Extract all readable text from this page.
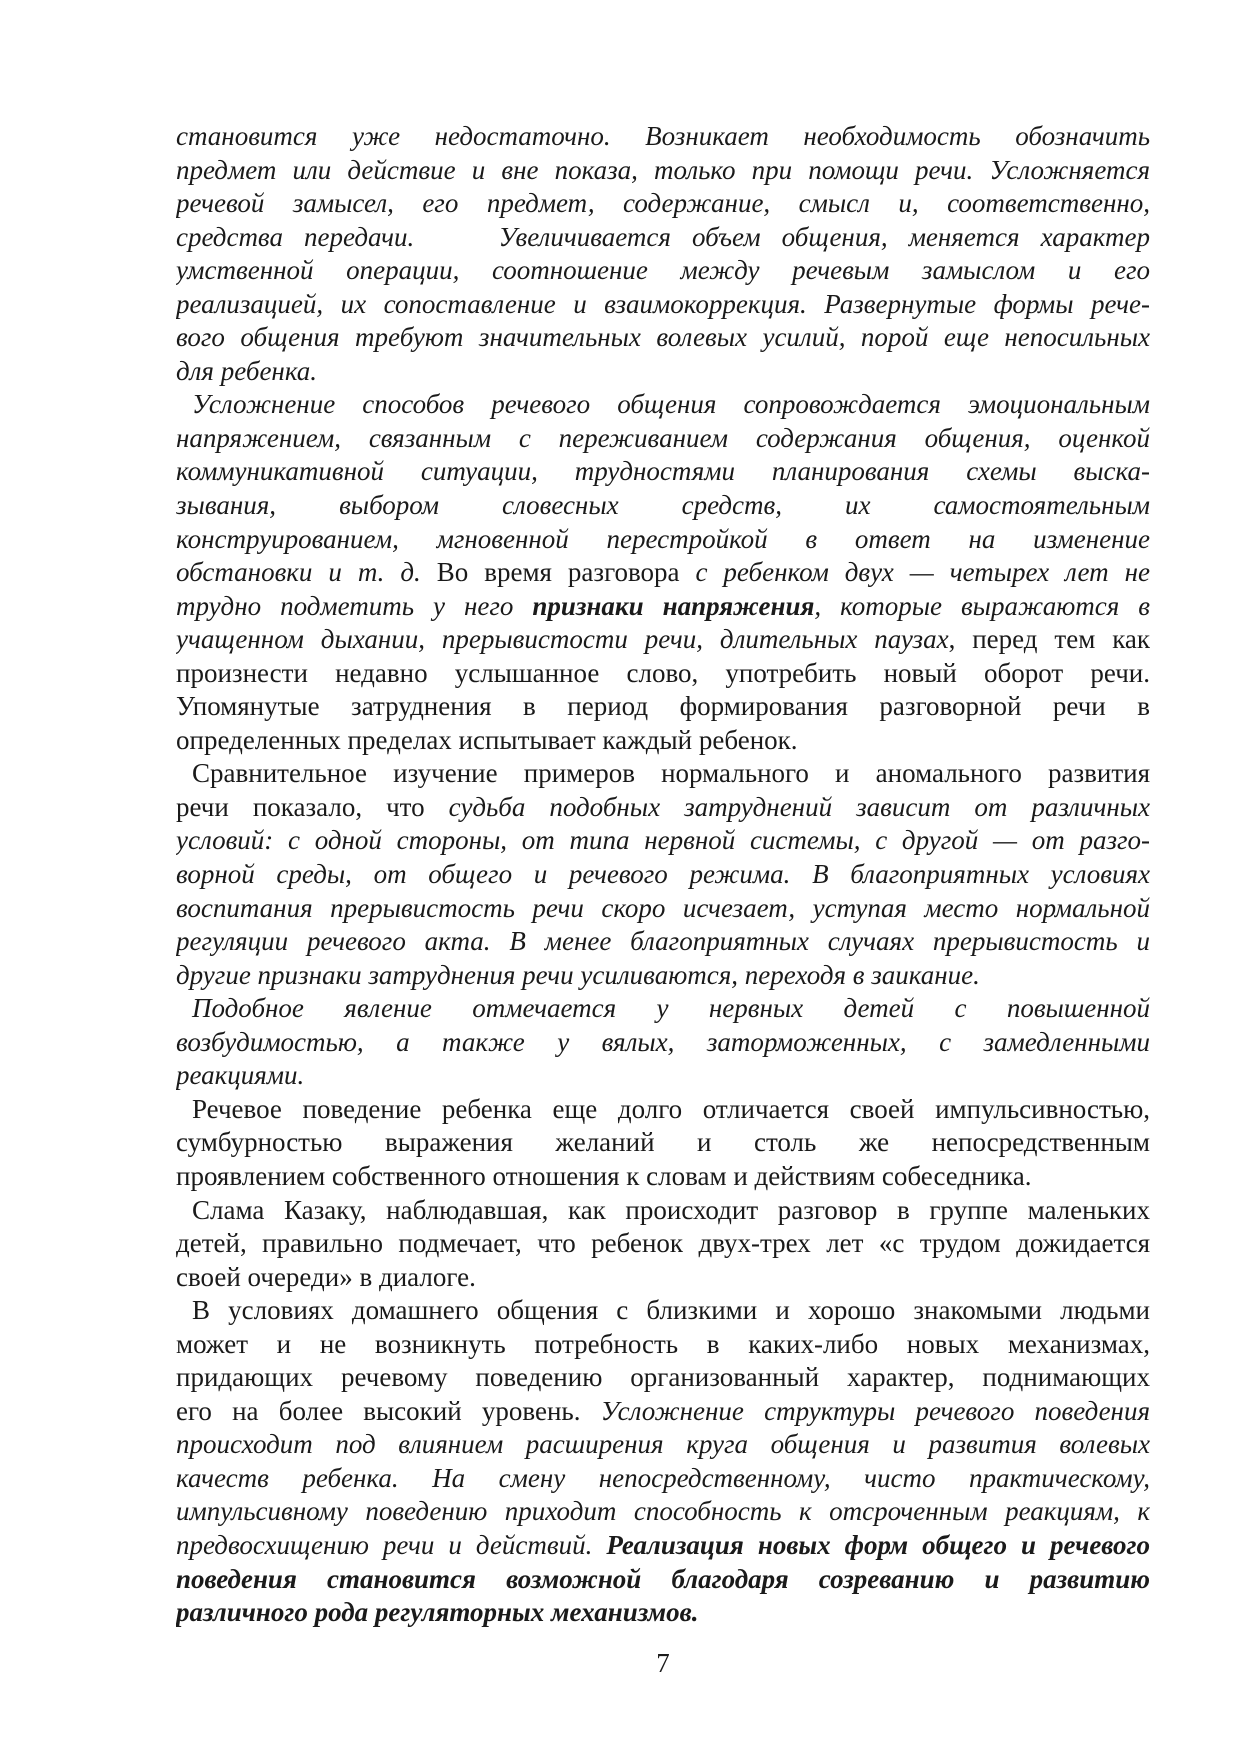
становится уже недостаточно. Возникает необходимость обозначить
предмет или действие и вне показа, только при помощи речи. Усложняется
речевой замысел, его предмет, содержание, смысл и, соответственно,
средства передачи.    Увеличивается объем общения, меняется характер
умственной операции, соотношение между речевым замыслом и его
реализацией, их сопоставление и взаимокоррекция. Развернутые формы рече-
вого общения требуют значительных волевых усилий, порой еще непосильных
для ребенка.
Усложнение способов речевого общения сопровождается эмоциональным
напряжением, связанным с переживанием содержания общения, оценкой
коммуникативной ситуации, трудностями планирования схемы выска-
зывания, выбором словесных средств, их самостоятельным
конструированием, мгновенной перестройкой в ответ на изменение
обстановки и т. д. Во время разговора с ребенком двух — четырех лет не
трудно подметить у него признаки напряжения, которые выражаются в
учащенном дыхании, прерывистости речи, длительных паузах, перед тем как
произнести недавно услышанное слово, употребить новый оборот речи.
Упомянутые затруднения в период формирования разговорной речи в
определенных пределах испытывает каждый ребенок.
Сравнительное изучение примеров нормального и аномального развития
речи показало, что судьба подобных затруднений зависит от различных
условий: с одной стороны, от типа нервной системы, с другой — от разго-
ворной среды, от общего и речевого режима. В благоприятных условиях
воспитания прерывистость речи скоро исчезает, уступая место нормальной
регуляции речевого акта. В менее благоприятных случаях прерывистость и
другие признаки затруднения речи усиливаются, переходя в заикание.
Подобное явление отмечается у нервных детей с повышенной
возбудимостью, а также у вялых, заторможенных, с замедленными
реакциями.
Речевое поведение ребенка еще долго отличается своей импульсивностью,
сумбурностью выражения желаний и столь же непосредственным
проявлением собственного отношения к словам и действиям собеседника.
Слама Казаку, наблюдавшая, как происходит разговор в группе маленьких
детей, правильно подмечает, что ребенок двух-трех лет «с трудом дожидается
своей очереди» в диалоге.
В условиях домашнего общения с близкими и хорошо знакомыми людьми
может и не возникнуть потребность в каких-либо новых механизмах,
придающих речевому поведению организованный характер, поднимающих
его на более высокий уровень. Усложнение структуры речевого поведения
происходит под влиянием расширения круга общения и развития волевых
качеств ребенка. На смену непосредственному, чисто практическому,
импульсивному поведению приходит способность к отсроченным реакциям, к
предвосхищению речи и действий. Реализация новых форм общего и речевого
поведения становится возможной благодаря созреванию и развитию
различного рода регуляторных механизмов.
7
